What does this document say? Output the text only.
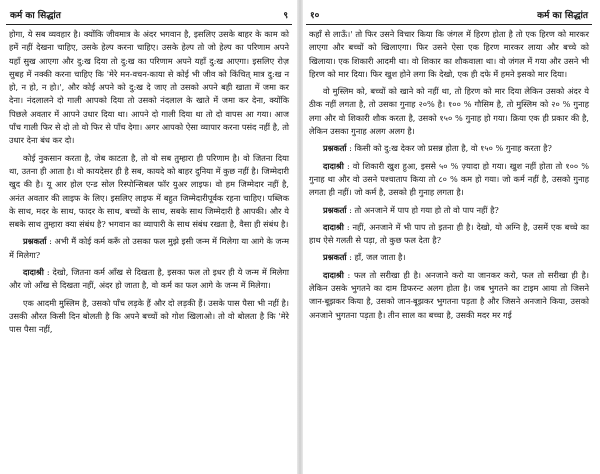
कर्म का सिद्धांत	९

होगा, ये सब व्यवहार है। क्योंकि जीवमात्र के अंदर भगवान है, इसलिए उसके बाहर के काम को हमें नहीं देखना चाहिए, उसके हेल्प करना चाहिए। उसके हेल्प तो जो हेल्प का परिणाम अपने यहाँ सुख आएगा और दु:ख दिया तो दु:ख का परिणाम अपने यहाँ दु:ख आएगा। इसलिए रोज़ सुबह में नक्की करना चाहिए कि 'मेरे मन-वचन-काया से कोई भी जीव को किंचित् मात्र दु:ख न हो, न हो, न हो।', और कोई अपने को दु:ख दे जाए तो उसको अपने बही खाता में जमा कर देना। नंदलालने दो गाली आपको दिया तो उसको नंदलाल के खाते में जमा कर देना, क्योंकि पिछले अवतार में आपने उधार दिया था। आपने दो गाली दिया था तो दो वापस आ गया। आज पाँच गाली फिर से दो तो वो फिर से पाँच देगा। अगर आपको ऐसा व्यापार करना पसंद नहीं है, तो उधार देना बंध कर दो।

कोई नुकसान करता है, जेब काटता है, तो वो सब तुम्हारा ही परिणाम है। वो जितना दिया था, उतना ही आता है। वो कायदेसर ही है सब, कायदे को बाहर दुनिया में कुछ नहीं है। जिम्मेदारी खुद की है। यू आर होल एन्ड सोल रिस्पोन्सिबल फॉर युअर लाइफ। वो हम जिम्मेदार नहीं है, अनंत अवतार की लाइफ के लिए। इसलिए लाइफ में बहुत जिम्मेदारीपूर्वक रहना चाहिए। पब्लिक के साथ, मदर के साथ, फादर के साथ, बच्चों के साथ, सबके साथ जिम्मेदारी है आपकी। और ये सबके साथ तुम्हारा क्या संबंध है? भगवान का व्यापारी के साथ संबंध रखता है, वैसा ही संबंध है।

प्रश्नकर्ता : अभी मैं कोई कर्म करूँ तो उसका फल मुझे इसी जन्म में मिलेगा या आगे के जन्म में मिलेगा?

दादाश्री : देखो, जितना कर्म आँख से दिखता है, इसका फल तो इधर ही ये जन्म में मिलेगा और जो आँख से दिखता नहीं, अंदर हो जाता है, वो कर्म का फल आगे के जन्म में मिलेगा।

एक आदमी मुस्लिम है, उसको पाँच लड़के हैं और दो लड़की हैं। उसके पास पैसा भी नहीं है। उसकी औरत किसी दिन बोलती है कि अपने बच्चों को गोश खिलाओ। तो वो बोलता है कि 'मेरे पास पैसा नहीं,

१०	कर्म का सिद्धांत

कहाँ से लाऊँ।' तो फिर उसने विचार किया कि जंगल में हिरण होता है तो एक हिरण को मारकर लाएगा और बच्चों को खिलाएगा। फिर उसने ऐसा एक हिरण मारकर लाया और बच्चे को खिलाया। एक शिकारी आदमी था। वो शिकार का शौकवाला था। वो जंगल में गया और उसने भी हिरण को मार दिया। फिर खुश होने लगा कि देखो, एक ही दफे में हमने इसको मार दिया।

वो मुस्लिम को, बच्चों को खाने को नहीं था, तो हिरण को मार दिया लेकिन उसको अंदर ये ठीक नहीं लगता है, तो उसका गुनाह २०% है। १०० % गौसिम है, तो मुस्लिम को २० % गुनाह लगा और वो शिकारी शौक करता है, उसको १५० % गुनाह हो गया। क्रिया एक ही प्रकार की है, लेकिन उसका गुनाह अलग अलग है।

प्रश्नकर्ता : किसी को दु:ख देकर जो प्रसन्न होता है, वो १५० % गुनाह करता है?

दादाश्री : वो शिकारी खुश हुआ, इससे ५० % ज़्यादा हो गया। खुश नहीं होता तो १०० % गुनाह था और वो उसने पश्चाताप किया तो ८० % कम हो गया। जो कर्म नहीं है, उसको गुनाह लगता ही नहीं। जो कर्म है, उसको ही गुनाह लगता है।

प्रश्नकर्ता : तो अनजाने में पाप हो गया हो तो वो पाप नहीं है?

दादाश्री : नहीं, अनजाने में भी पाप तो इतना ही है। देखो, यो अग्नि है, उसमें एक बच्चे का हाथ ऐसे गलती से पड़ा, तो कुछ फल देता है?

प्रश्नकर्ता : हाँ, जल जाता है।

दादाश्री : फल तो सरीखा ही है। अनजाने करो या जानकर करो, फल तो सरीखा ही है। लेकिन उसके भुगतने का दाम डिफरन्ट अलग होता है। जब भुगतने का टाइम आया तो जिसने जान-बूझकर किया है, उसको जान-बूझकर भुगतना पड़ता है और जिसने अनजाने किया, उसको अनजाने भुगतना पड़ता है। तीन साल का बच्चा है, उसकी मदर मर गई
